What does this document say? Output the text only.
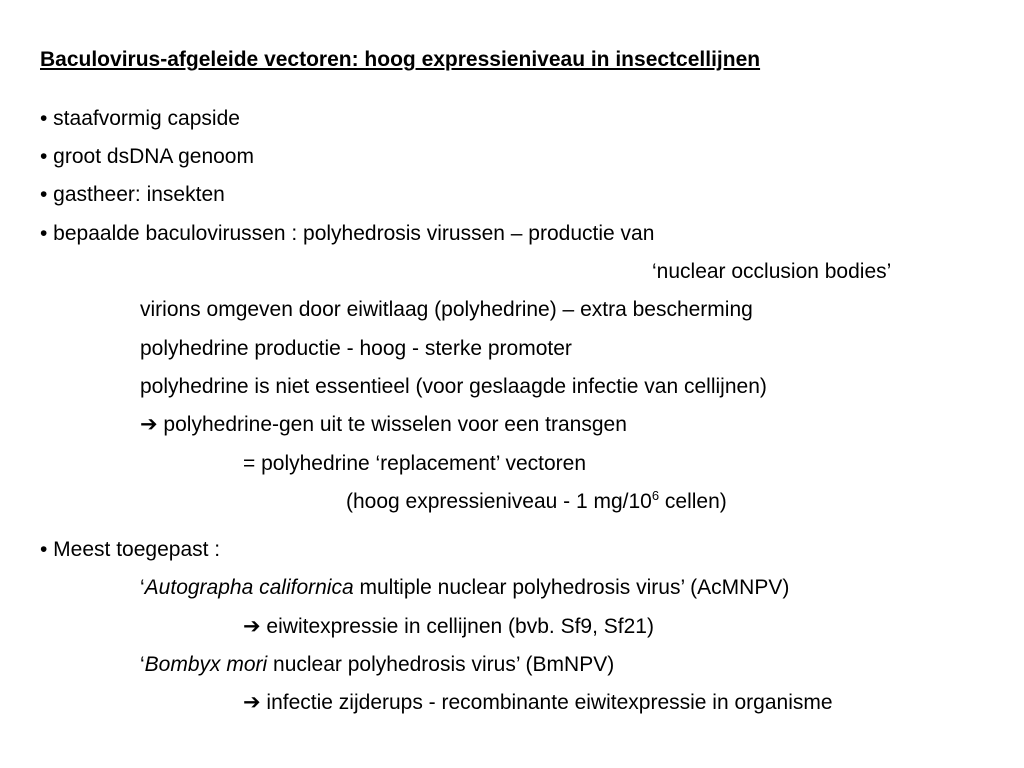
Baculovirus-afgeleide vectoren: hoog expressieniveau in insectcellijnen
• staafvormig capside
• groot dsDNA genoom
• gastheer: insekten
• bepaalde baculovirussen : polyhedrosis virussen – productie van
‘nuclear occlusion bodies’
virions omgeven door eiwitlaag (polyhedrine) – extra bescherming
polyhedrine productie - hoog - sterke promoter
polyhedrine is niet essentieel (voor geslaagde infectie van cellijnen)
➔ polyhedrine-gen uit te wisselen voor een transgen
= polyhedrine ‘replacement’ vectoren
(hoog expressieniveau - 1 $mg/10^6$ cellen)
• Meest toegepast :
‘Autographa californica multiple nuclear polyhedrosis virus’ (AcMNPV)
➔ eiwitexpressie in cellijnen (bvb. Sf9, Sf21)
‘Bombyx mori nuclear polyhedrosis virus’ (BmNPV)
➔ infectie zijderups - recombinante eiwitexpressie in organisme
